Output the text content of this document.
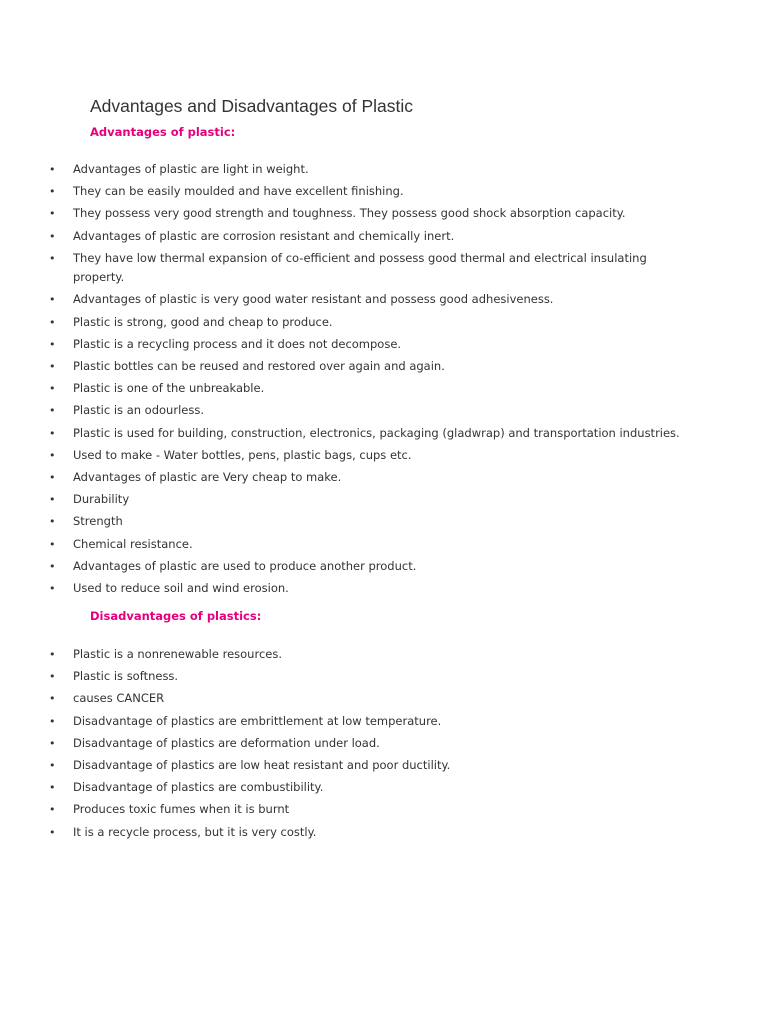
Advantages and Disadvantages of Plastic
Advantages of plastic:
• Advantages of plastic are light in weight.
• They can be easily moulded and have excellent finishing.
• They possess very good strength and toughness. They possess good shock absorption capacity.
• Advantages of plastic are corrosion resistant and chemically inert.
• They have low thermal expansion of co-efficient and possess good thermal and electrical insulating property.
• Advantages of plastic is very good water resistant and possess good adhesiveness.
• Plastic is strong, good and cheap to produce.
• Plastic is a recycling process and it does not decompose.
• Plastic bottles can be reused and restored over again and again.
• Plastic is one of the unbreakable.
• Plastic is an odourless.
• Plastic is used for building, construction, electronics, packaging (gladwrap) and transportation industries.
• Used to make - Water bottles, pens, plastic bags, cups etc.
• Advantages of plastic are Very cheap to make.
• Durability
• Strength
• Chemical resistance.
• Advantages of plastic are used to produce another product.
• Used to reduce soil and wind erosion.
Disadvantages of plastics:
• Plastic is a nonrenewable resources.
• Plastic is softness.
• causes CANCER
• Disadvantage of plastics are embrittlement at low temperature.
• Disadvantage of plastics are deformation under load.
• Disadvantage of plastics are low heat resistant and poor ductility.
• Disadvantage of plastics are combustibility.
• Produces toxic fumes when it is burnt
• It is a recycle process, but it is very costly.
